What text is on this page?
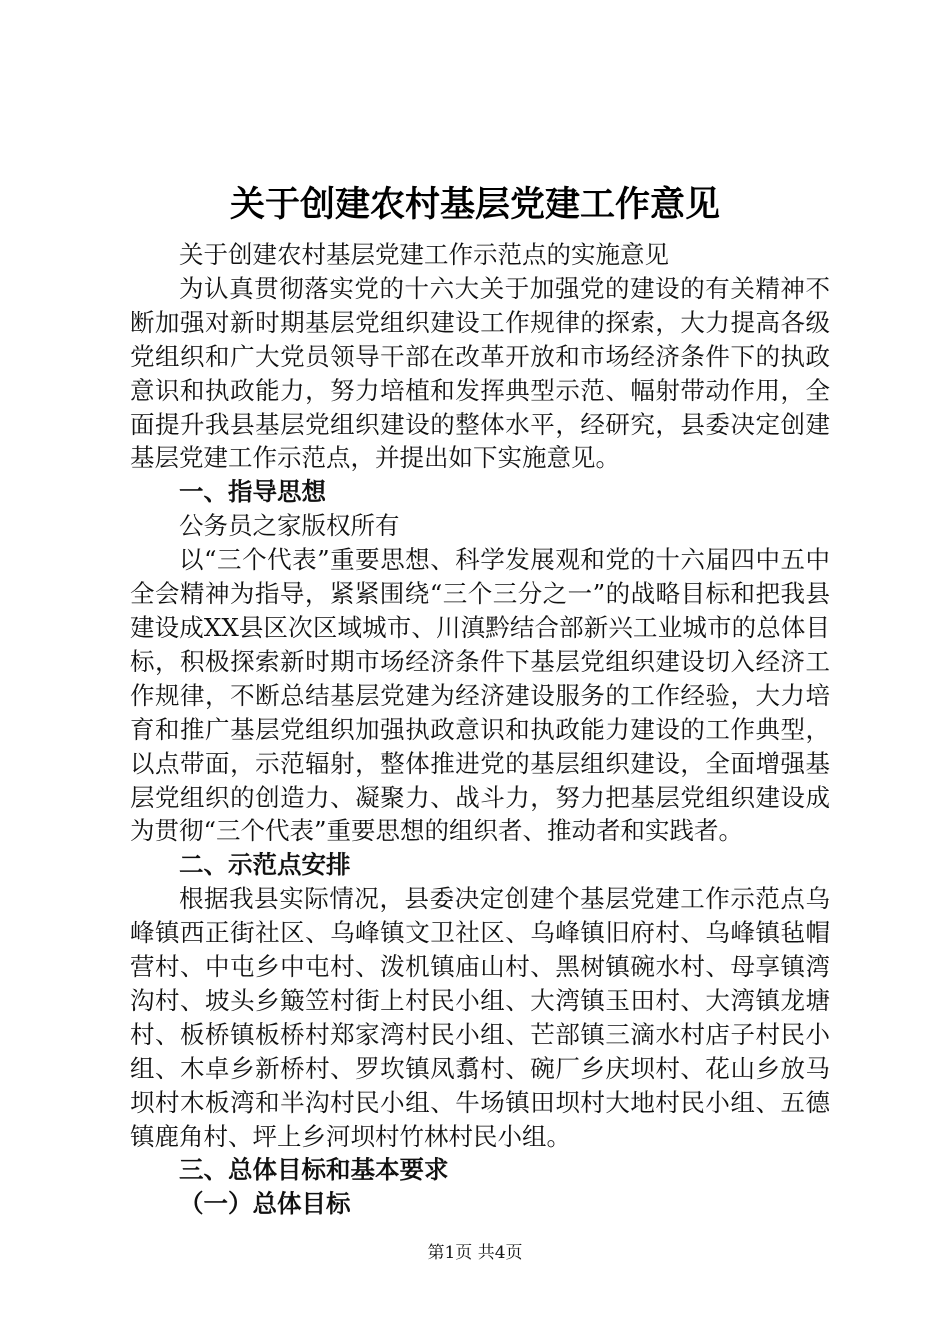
关于创建农村基层党建工作意见

关于创建农村基层党建工作示范点的实施意见

为认真贯彻落实党的十六大关于加强党的建设的有关精神不断加强对新时期基层党组织建设工作规律的探索，大力提高各级党组织和广大党员领导干部在改革开放和市场经济条件下的执政意识和执政能力，努力培植和发挥典型示范、幅射带动作用，全面提升我县基层党组织建设的整体水平，经研究，县委决定创建基层党建工作示范点，并提出如下实施意见。

一、指导思想

公务员之家版权所有

以“三个代表”重要思想、科学发展观和党的十六届四中五中全会精神为指导，紧紧围绕“三个三分之一”的战略目标和把我县建设成XX县区次区域城市、川滇黔结合部新兴工业城市的总体目标，积极探索新时期市场经济条件下基层党组织建设切入经济工作规律，不断总结基层党建为经济建设服务的工作经验，大力培育和推广基层党组织加强执政意识和执政能力建设的工作典型，以点带面，示范辐射，整体推进党的基层组织建设，全面增强基层党组织的创造力、凝聚力、战斗力，努力把基层党组织建设成为贯彻“三个代表”重要思想的组织者、推动者和实践者。

二、示范点安排

根据我县实际情况，县委决定创建个基层党建工作示范点乌峰镇西正街社区、乌峰镇文卫社区、乌峰镇旧府村、乌峰镇毡帽营村、中屯乡中屯村、泼机镇庙山村、黑树镇碗水村、母享镇湾沟村、坡头乡簸笠村街上村民小组、大湾镇玉田村、大湾镇龙塘村、板桥镇板桥村郑家湾村民小组、芒部镇三滴水村店子村民小组、木卓乡新桥村、罗坎镇凤翥村、碗厂乡庆坝村、花山乡放马坝村木板湾和半沟村民小组、牛场镇田坝村大地村民小组、五德镇鹿角村、坪上乡河坝村竹林村民小组。

三、总体目标和基本要求

（一）总体目标

第1页 共4页
